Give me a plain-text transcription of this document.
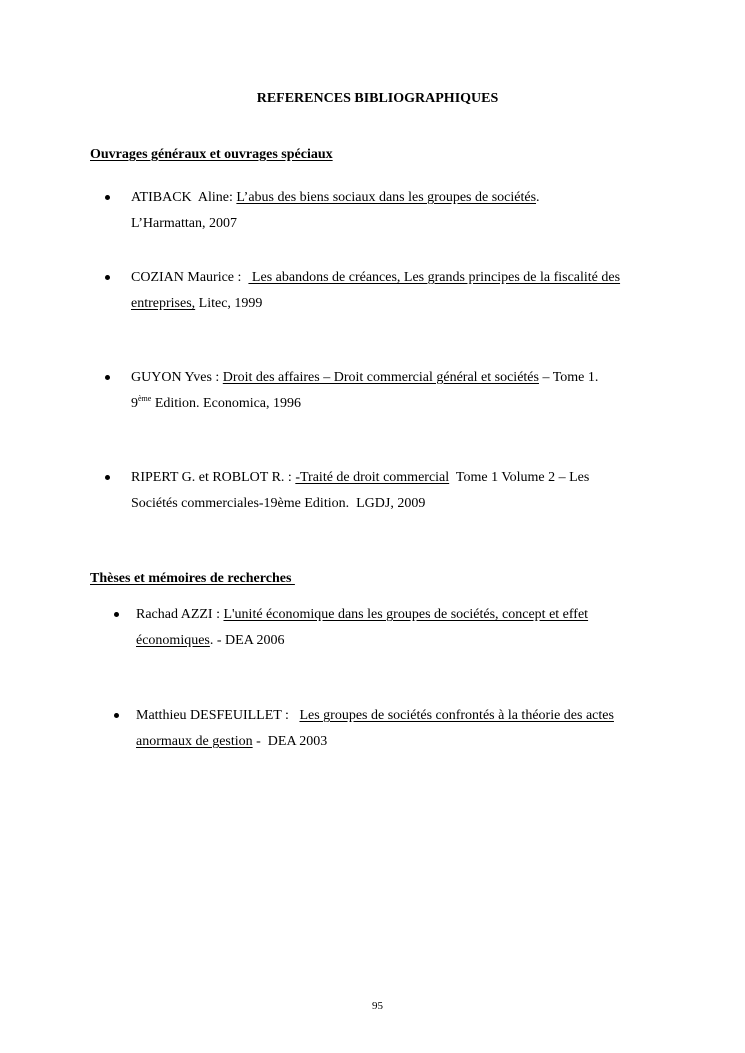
REFERENCES BIBLIOGRAPHIQUES
Ouvrages généraux et ouvrages spéciaux
ATIBACK  Aline: L’abus des biens sociaux dans les groupes de sociétés.
L’Harmattan, 2007
COZIAN Maurice :   Les abandons de créances, Les grands principes de la fiscalité des
entreprises, Litec, 1999
GUYON Yves : Droit des affaires – Droit commercial général et sociétés – Tome 1.
9ème Edition. Economica, 1996
RIPERT G. et ROBLOT R. : -Traité de droit commercial  Tome 1 Volume 2 – Les
Sociétés commerciales-19ème Edition.  LGDJ, 2009
Thèses et mémoires de recherches
Rachad AZZI : L'unité économique dans les groupes de sociétés, concept et effet
économiques. - DEA 2006
Matthieu DESFEUILLET :   Les groupes de sociétés confrontés à la théorie des actes
anormaux de gestion -  DEA 2003
95
